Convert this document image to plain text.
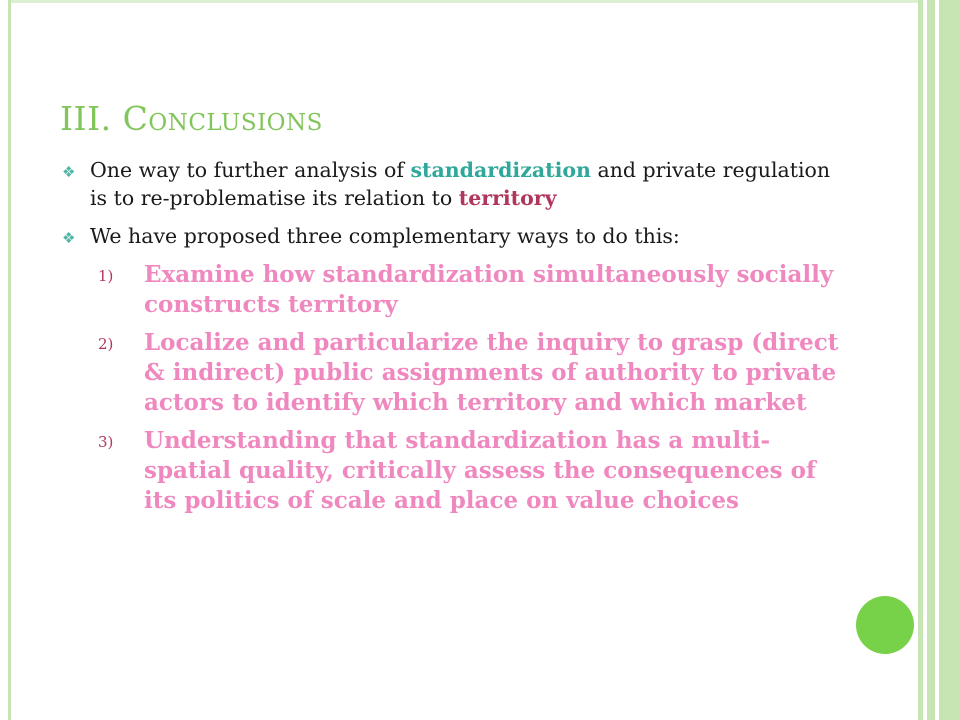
III. Conclusions
❖ One way to further analysis of standardization and private regulation is to re-problematise its relation to territory
❖ We have proposed three complementary ways to do this:
1) Examine how standardization simultaneously socially constructs territory
2) Localize and particularize the inquiry to grasp (direct & indirect) public assignments of authority to private actors to identify which territory and which market
3) Understanding that standardization has a multi-spatial quality, critically assess the consequences of its politics of scale and place on value choices
